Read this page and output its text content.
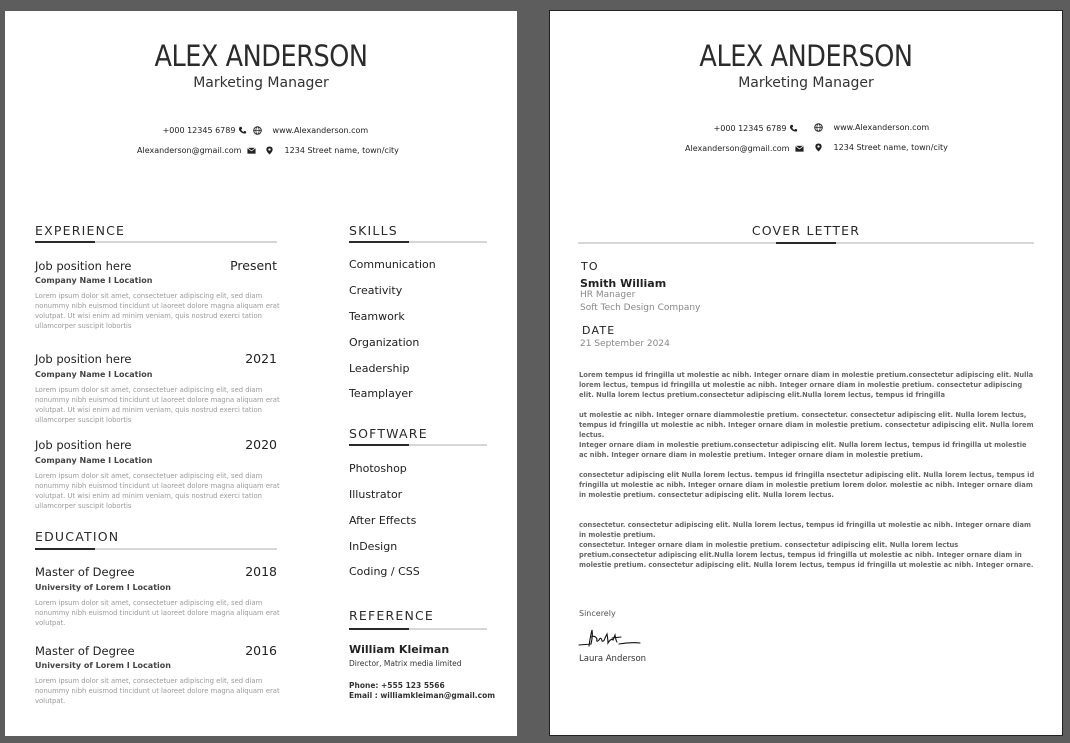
ALEX ANDERSON
Marketing Manager
+000 12345 6789	www.Alexanderson.com
Alexanderson@gmail.com	1234 Street name, town/city
EXPERIENCE
Job position here	Present
Company Name I Location
Lorem ipsum dolor sit amet, consectetuer adipiscing elit, sed diam nonummy nibh euismod tincidunt ut laoreet dolore magna aliquam erat volutpat. Ut wisi enim ad minim veniam, quis nostrud exerci tation ullamcorper suscipit lobortis
Job position here	2021
Company Name I Location
Lorem ipsum dolor sit amet, consectetuer adipiscing elit, sed diam nonummy nibh euismod tincidunt ut laoreet dolore magna aliquam erat volutpat. Ut wisi enim ad minim veniam, quis nostrud exerci tation ullamcorper suscipit lobortis
Job position here	2020
Company Name I Location
Lorem ipsum dolor sit amet, consectetuer adipiscing elit, sed diam nonummy nibh euismod tincidunt ut laoreet dolore magna aliquam erat volutpat. Ut wisi enim ad minim veniam, quis nostrud exerci tation ullamcorper suscipit lobortis
EDUCATION
Master of Degree	2018
University of Lorem I Location
Lorem ipsum dolor sit amet, consectetuer adipiscing elit, sed diam nonummy nibh euismod tincidunt ut laoreet dolore magna aliquam erat volutpat.
Master of Degree	2016
University of Lorem I Location
Lorem ipsum dolor sit amet, consectetuer adipiscing elit, sed diam nonummy nibh euismod tincidunt ut laoreet dolore magna aliquam erat volutpat.
SKILLS
Communication
Creativity
Teamwork
Organization
Leadership
Teamplayer
SOFTWARE
Photoshop
Illustrator
After Effects
InDesign
Coding / CSS
REFERENCE
William Kleiman
Director, Matrix media limited
Phone: +555 123 5566
Email : williamkleiman@gmail.com
ALEX ANDERSON
Marketing Manager
+000 12345 6789	www.Alexanderson.com
Alexanderson@gmail.com	1234 Street name, town/city
COVER LETTER
TO
Smith William
HR Manager
Soft Tech Design Company
DATE
21 September 2024
Lorem tempus id fringilla ut molestie ac nibh. Integer ornare diam in molestie pretium.consectetur adipiscing elit. Nulla lorem lectus, tempus id fringilla ut molestie ac nibh. Integer ornare diam in molestie pretium. consectetur adipiscing elit. Nulla lorem lectus pretium.consectetur adipiscing elit.Nulla lorem lectus, tempus id fringilla
ut molestie ac nibh. Integer ornare diammolestie pretium. consectetur. consectetur adipiscing elit. Nulla lorem lectus, tempus id fringilla ut molestie ac nibh. Integer ornare diam in molestie pretium. consectetur adipiscing elit. Nulla lorem lectus.
Integer ornare diam in molestie pretium.consectetur adipiscing elit. Nulla lorem lectus, tempus id fringilla ut molestie ac nibh. Integer ornare diam in molestie pretium. Integer ornare diam in molestie pretium.
consectetur adipiscing elit Nulla lorem lectus. tempus id fringilla nsectetur adipiscing elit. Nulla lorem lectus, tempus id fringilla ut molestie ac nibh. Integer ornare diam in molestie pretium lorem dolor. molestie ac nibh. Integer ornare diam in molestie pretium. consectetur adipiscing elit. Nulla lorem lectus.
consectetur. consectetur adipiscing elit. Nulla lorem lectus, tempus id fringilla ut molestie ac nibh. Integer ornare diam in molestie pretium.
consectetur. Integer ornare diam in molestie pretium. consectetur adipiscing elit. Nulla lorem lectus pretium.consectetur adipiscing elit.Nulla lorem lectus, tempus id fringilla ut molestie ac nibh. Integer ornare diam in molestie pretium. consectetur adipiscing elit. Nulla lorem lectus, tempus id fringilla ut molestie ac nibh. Integer ornare.
Sincerely
Laura Anderson
